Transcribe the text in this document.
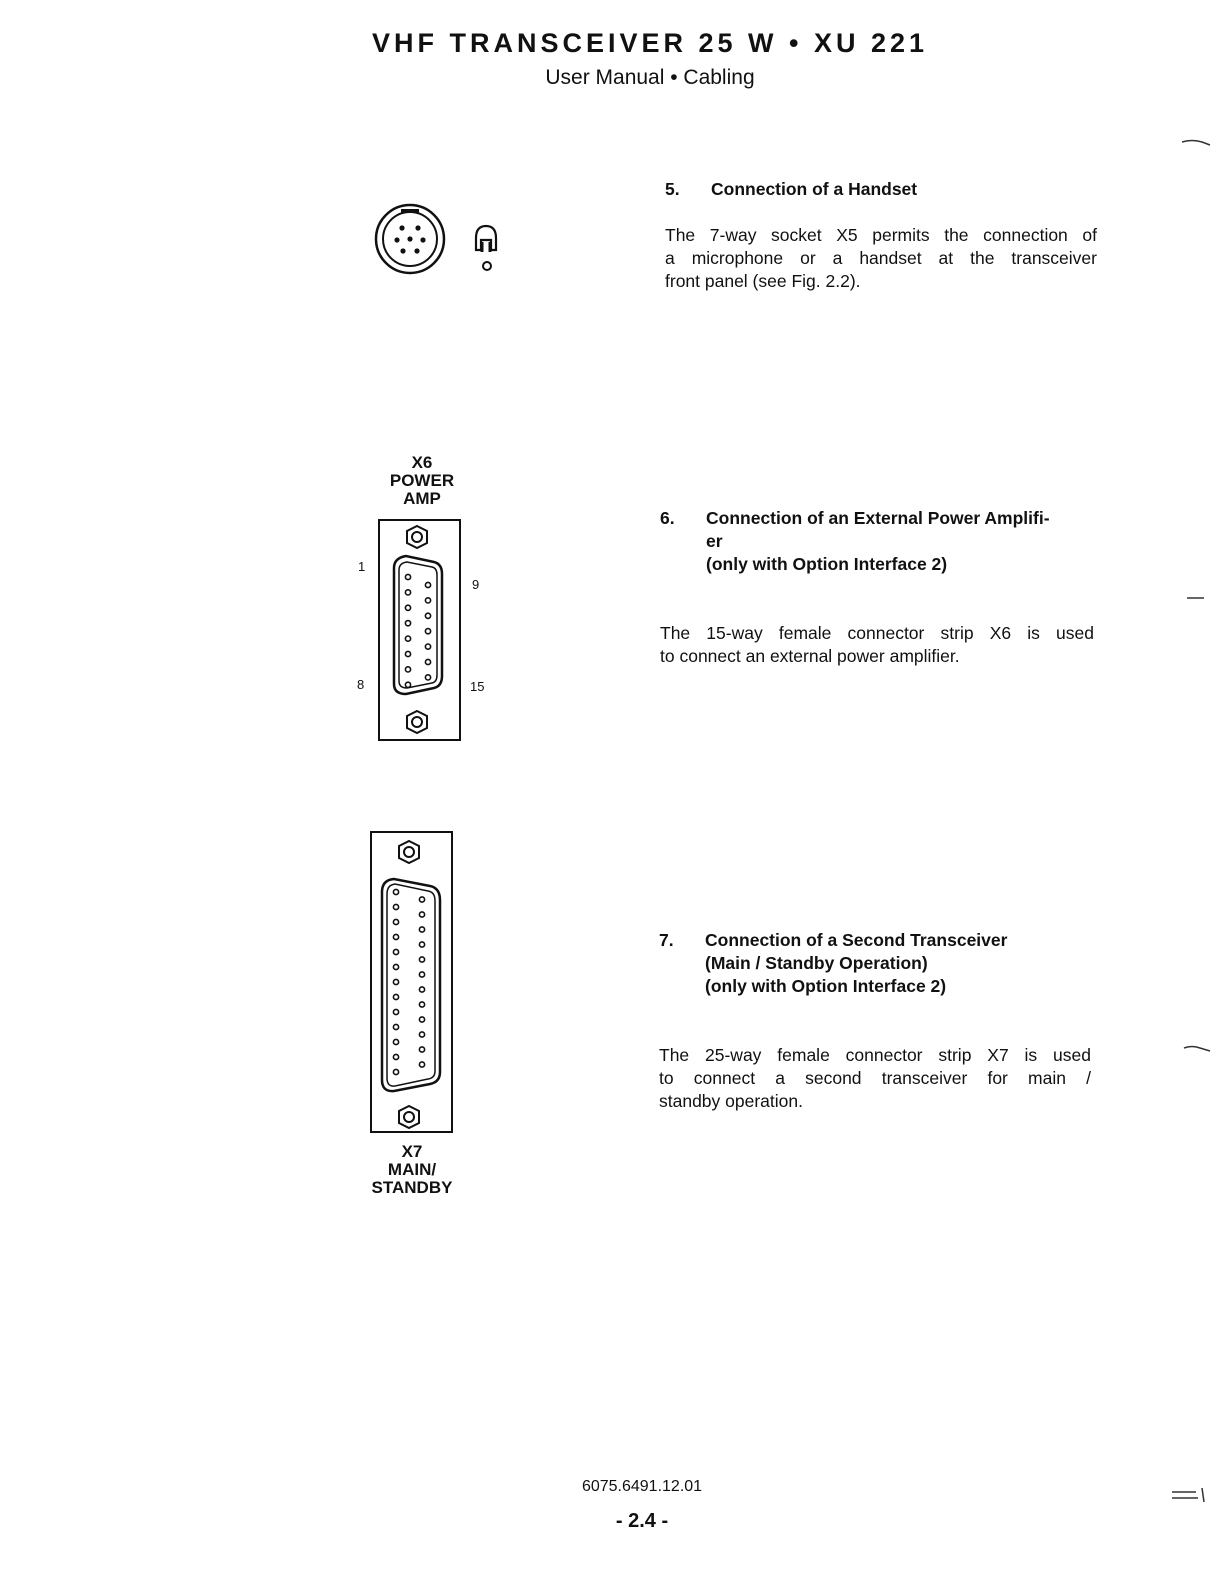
VHF TRANSCEIVER 25 W • XU 221
User Manual • Cabling
5.	Connection of a Handset
The 7-way socket X5 permits the connection of
a microphone or a handset at the transceiver
front panel (see Fig. 2.2).
X6
POWER
AMP
1
9
8	15
6.	Connection of an External Power Amplifi-
er
(only with Option Interface 2)
The 15-way female connector strip X6 is used
to connect an external power amplifier.
X7
MAIN/
STANDBY
7.	Connection of a Second Transceiver
(Main / Standby Operation)
(only with Option Interface 2)
The 25-way female connector strip X7 is used
to connect a second transceiver for main /
standby operation.
6075.6491.12.01
- 2.4 -
